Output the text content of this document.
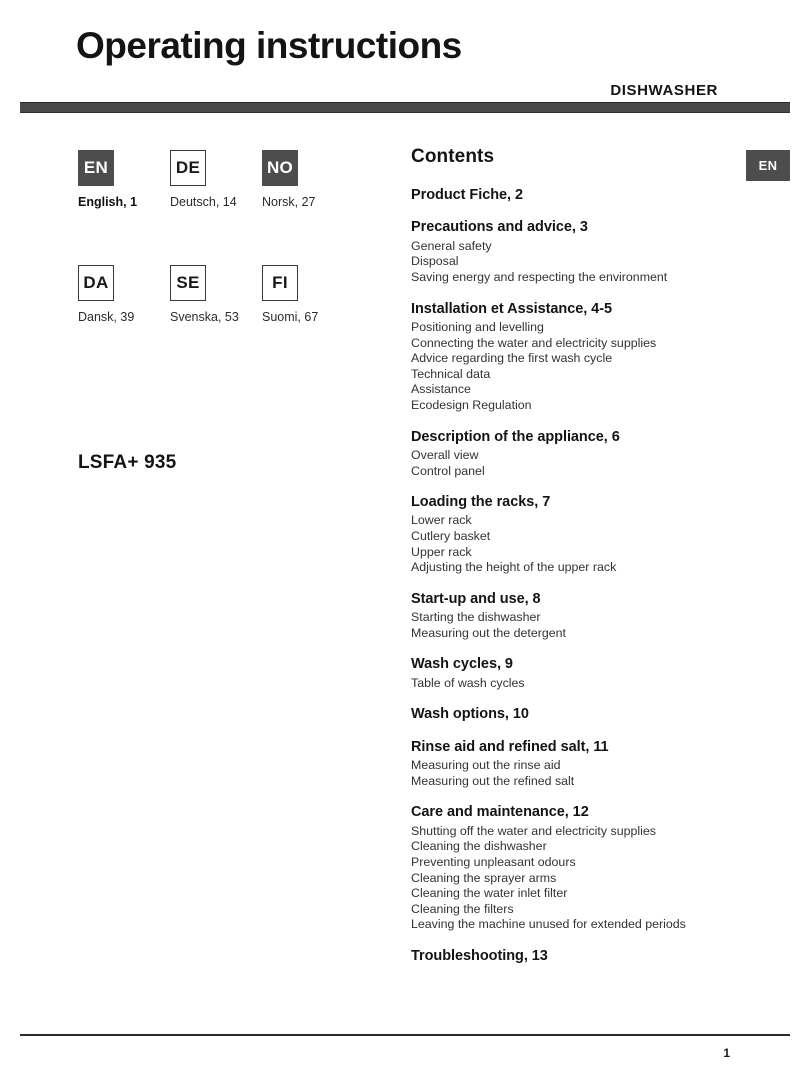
Operating instructions
DISHWASHER
EN
English, 1
DE
Deutsch, 14
NO
Norsk, 27
DA
Dansk, 39
SE
Svenska, 53
FI
Suomi, 67
LSFA+ 935
EN
Contents
Product Fiche, 2
Precautions and advice, 3
General safety
Disposal
Saving energy and respecting the environment
Installation et Assistance, 4-5
Positioning and levelling
Connecting the water and electricity supplies
Advice regarding the first wash cycle
Technical data
Assistance
Ecodesign Regulation
Description of the appliance, 6
Overall view
Control panel
Loading the racks, 7
Lower rack
Cutlery basket
Upper rack
Adjusting the height of the upper rack
Start-up and use, 8
Starting the dishwasher
Measuring out the detergent
Wash cycles, 9
Table of wash cycles
Wash options, 10
Rinse aid and refined salt, 11
Measuring out the rinse aid
Measuring out the refined salt
Care and maintenance, 12
Shutting off the water and electricity supplies
Cleaning the dishwasher
Preventing unpleasant odours
Cleaning the sprayer arms
Cleaning the water inlet filter
Cleaning the filters
Leaving the machine unused for extended periods
Troubleshooting, 13
1
